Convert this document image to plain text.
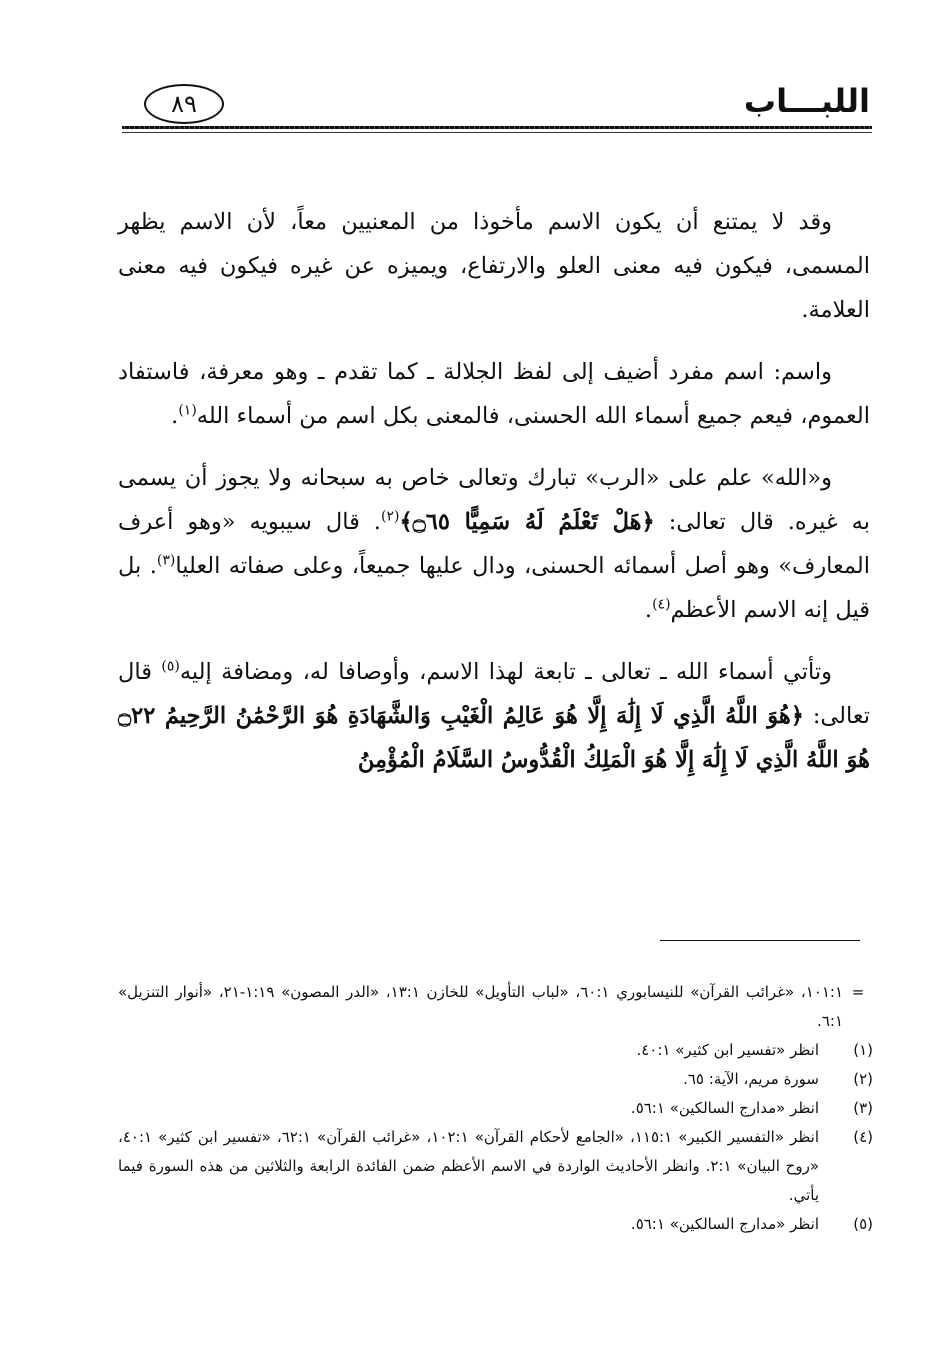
اللبـــاب
٨٩

وقد لا يمتنع أن يكون الاسم مأخوذا من المعنيين معاً، لأن الاسم يظهر المسمى، فيكون فيه معنى العلو والارتفاع، ويميزه عن غيره فيكون فيه معنى العلامة.

واسم: اسم مفرد أضيف إلى لفظ الجلالة ـ كما تقدم ـ وهو معرفة، فاستفاد العموم، فيعم جميع أسماء الله الحسنى، فالمعنى بكل اسم من أسماء الله$^{(١)}$.

و«الله» علم على «الرب» تبارك وتعالى خاص به سبحانه ولا يجوز أن يسمى به غيره. قال تعالى: ﴿هَلْ تَعْلَمُ لَهُ سَمِيًّا ۝٦٥﴾$^{(٢)}$. قال سيبويه «وهو أعرف المعارف» وهو أصل أسمائه الحسنى، ودال عليها جميعاً، وعلى صفاته العليا$^{(٣)}$. بل قيل إنه الاسم الأعظم$^{(٤)}$.

وتأتي أسماء الله ـ تعالى ـ تابعة لهذا الاسم، وأوصافا له، ومضافة إليه$^{(٥)}$ قال تعالى: ﴿هُوَ اللَّهُ الَّذِي لَا إِلَٰهَ إِلَّا هُوَ عَالِمُ الْغَيْبِ وَالشَّهَادَةِ هُوَ الرَّحْمَٰنُ الرَّحِيمُ ۝٢٢ هُوَ اللَّهُ الَّذِي لَا إِلَٰهَ إِلَّا هُوَ الْمَلِكُ الْقُدُّوسُ السَّلَامُ الْمُؤْمِنُ

=
١٠١:١، «غرائب القرآن» للنيسابوري ٦٠:١، «لباب التأويل» للخازن ١٣:١، «الدر المصون» ١:١٩-٢١، «أنوار التنزيل» ٦:١.
(١)
انظر «تفسير ابن كثير» ٤٠:١.
(٢)
سورة مريم، الآية: ٦٥.
(٣)
انظر «مدارج السالكين» ٥٦:١.
(٤)
انظر «التفسير الكبير» ١١٥:١، «الجامع لأحكام القرآن» ١٠٢:١، «غرائب القرآن» ٦٢:١، «تفسير ابن كثير» ٤٠:١، «روح البيان» ٢:١. وانظر الأحاديث الواردة في الاسم الأعظم ضمن الفائدة الرابعة والثلاثين من هذه السورة فيما يأتي.
(٥)
انظر «مدارج السالكين» ٥٦:١.
